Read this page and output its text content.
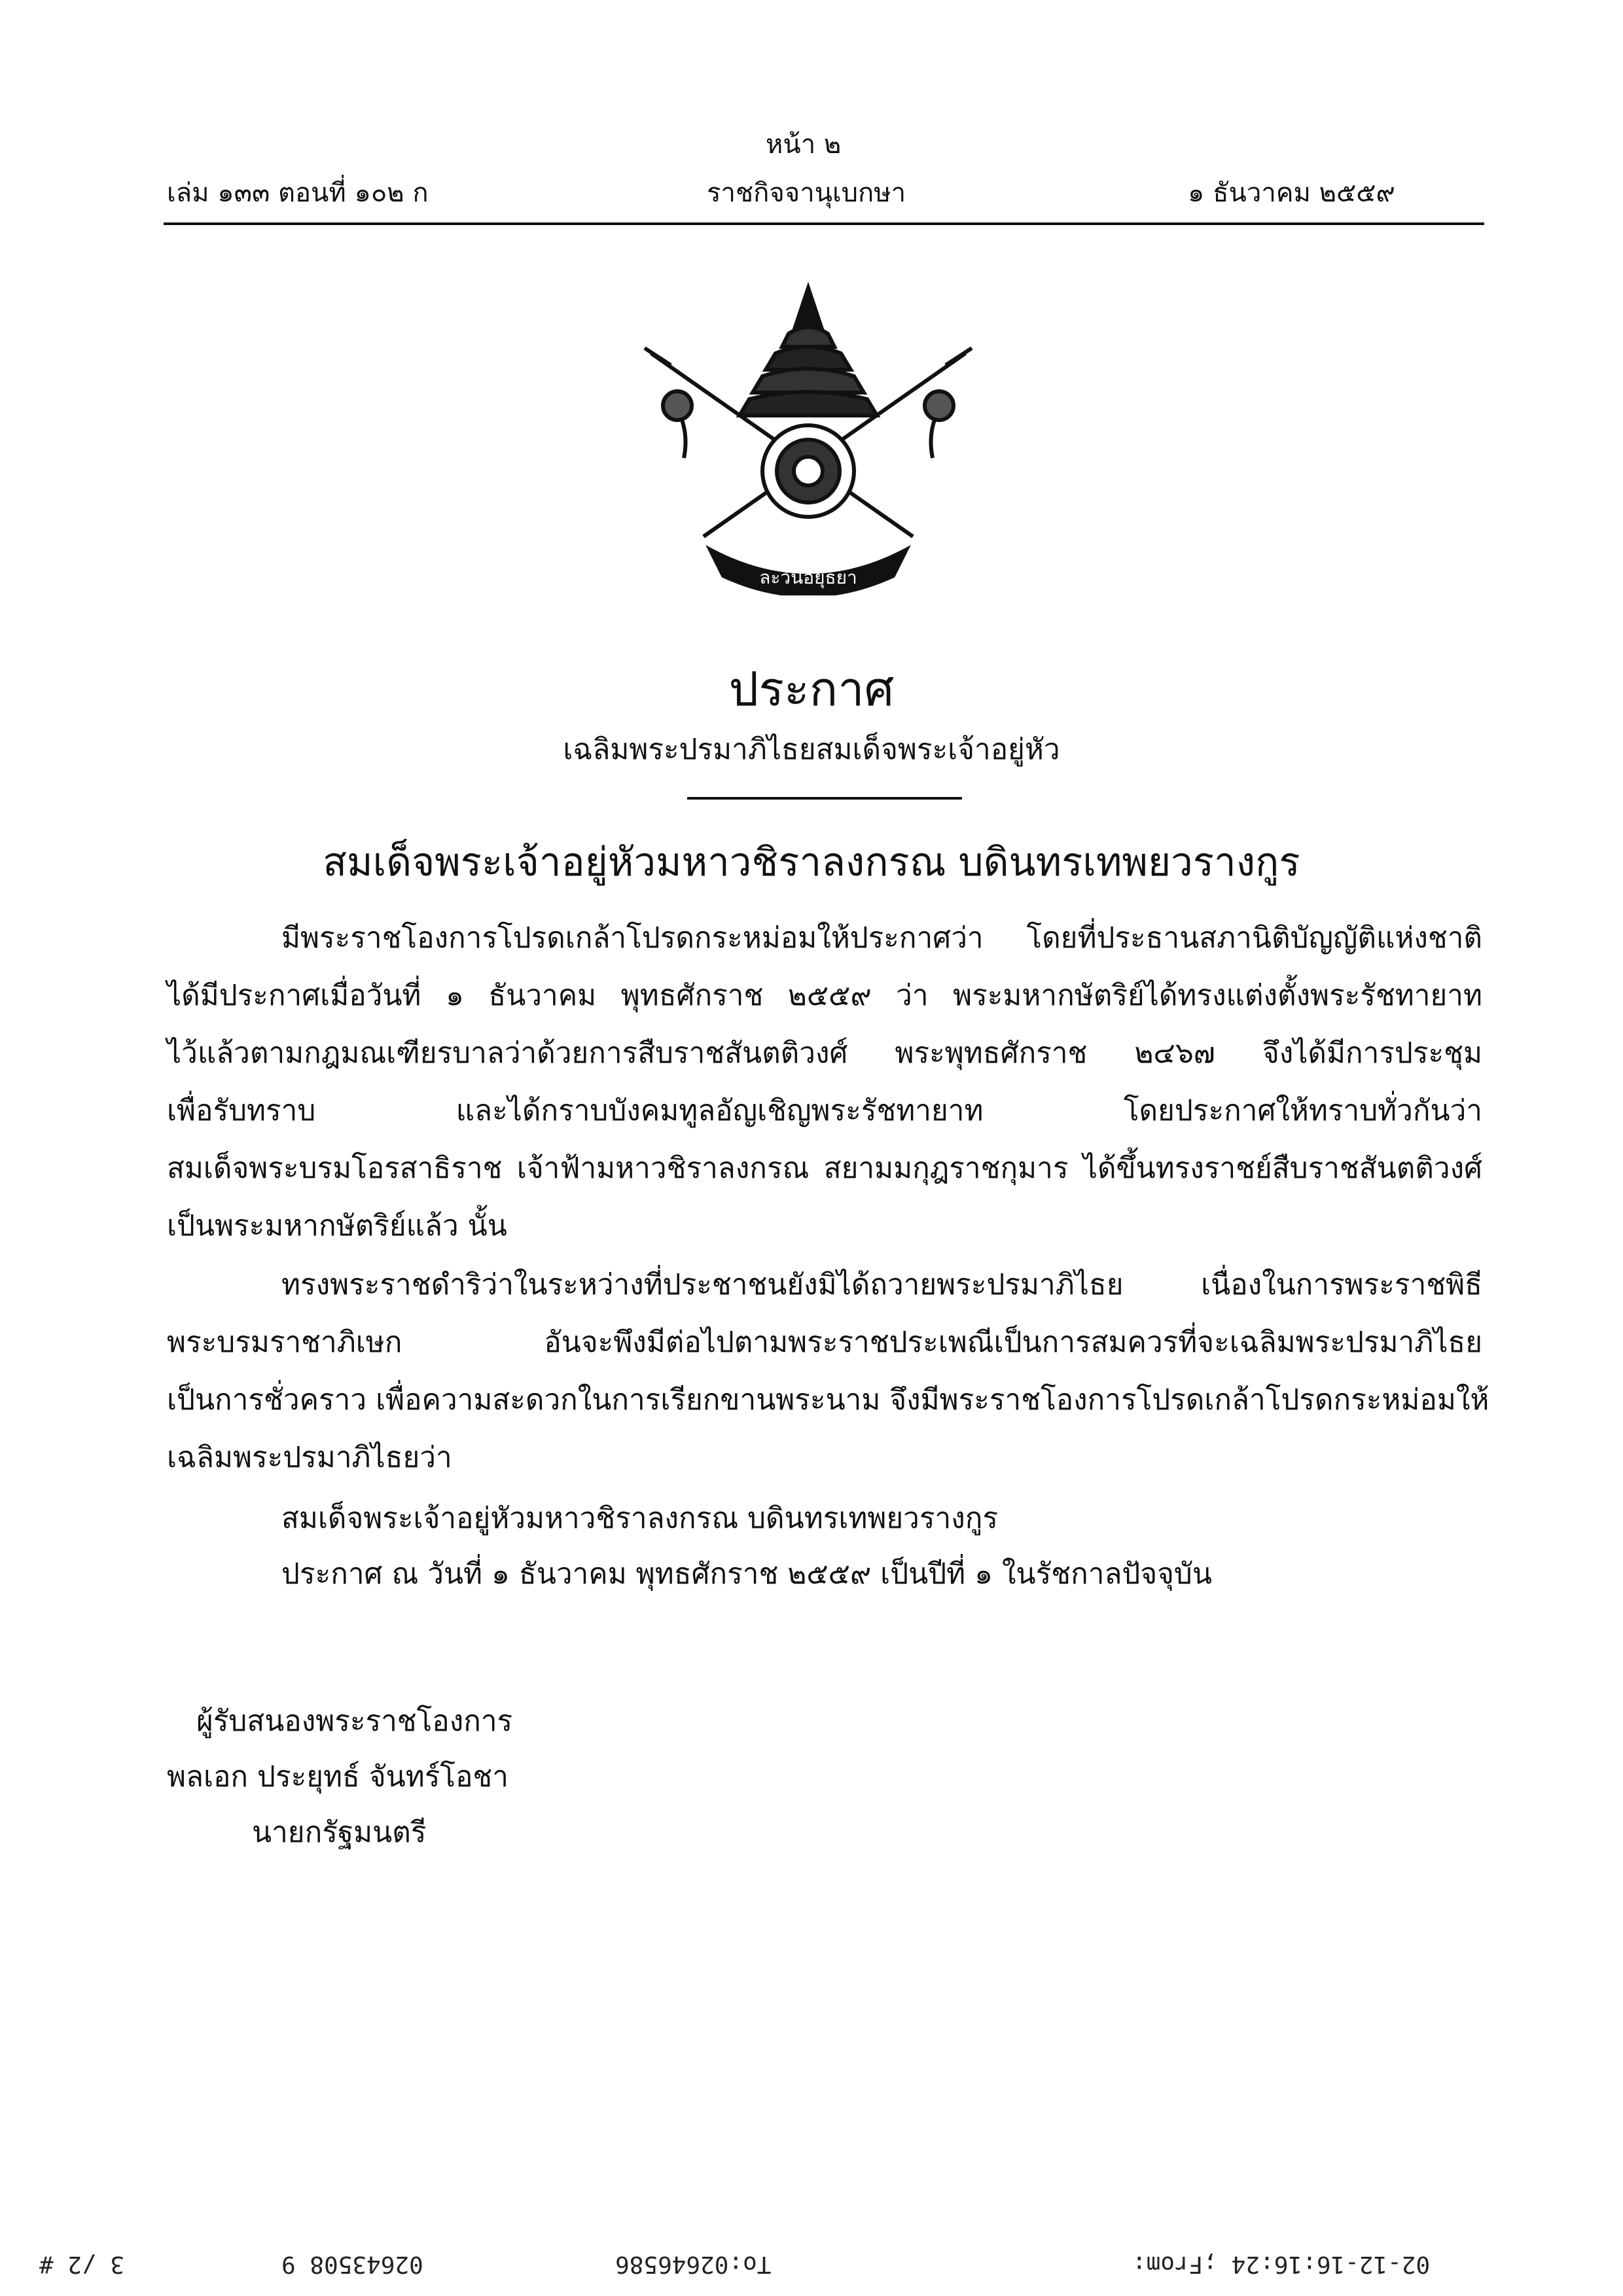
หน้า ๒
เล่ม ๑๓๓ ตอนที่ ๑๐๒ ก	ราชกิจจานุเบกษา	๑ ธันวาคม ๒๕๕๙
ละวันอยุธยา
ประกาศ
เฉลิมพระปรมาภิไธยสมเด็จพระเจ้าอยู่หัว
สมเด็จพระเจ้าอยู่หัวมหาวชิราลงกรณ บดินทรเทพยวรางกูร
มีพระราชโองการโปรดเกล้าโปรดกระหม่อมให้ประกาศว่า โดยที่ประธานสภานิติบัญญัติแห่งชาติ
ได้มีประกาศเมื่อวันที่ ๑ ธันวาคม พุทธศักราช ๒๕๕๙ ว่า พระมหากษัตริย์ได้ทรงแต่งตั้งพระรัชทายาท
ไว้แล้วตามกฎมณเฑียรบาลว่าด้วยการสืบราชสันตติวงศ์ พระพุทธศักราช ๒๔๖๗ จึงได้มีการประชุม
เพื่อรับทราบ และได้กราบบังคมทูลอัญเชิญพระรัชทายาท โดยประกาศให้ทราบทั่วกันว่า
สมเด็จพระบรมโอรสาธิราช เจ้าฟ้ามหาวชิราลงกรณ สยามมกุฎราชกุมาร ได้ขึ้นทรงราชย์สืบราชสันตติวงศ์
เป็นพระมหากษัตริย์แล้ว นั้น
ทรงพระราชดำริว่าในระหว่างที่ประชาชนยังมิได้ถวายพระปรมาภิไธย เนื่องในการพระราชพิธี
พระบรมราชาภิเษก อันจะพึงมีต่อไปตามพระราชประเพณีเป็นการสมควรที่จะเฉลิมพระปรมาภิไธย
เป็นการชั่วคราว เพื่อความสะดวกในการเรียกขานพระนาม จึงมีพระราชโองการโปรดเกล้าโปรดกระหม่อมให้
เฉลิมพระปรมาภิไธยว่า
สมเด็จพระเจ้าอยู่หัวมหาวชิราลงกรณ บดินทรเทพยวรางกูร
ประกาศ ณ วันที่ ๑ ธันวาคม พุทธศักราช ๒๕๕๙ เป็นปีที่ ๑ ในรัชกาลปัจจุบัน
ผู้รับสนองพระราชโองการ
พลเอก ประยุทธ์ จันทร์โอชา
นายกรัฐมนตรี
3 /2 #	02643508 9	To:02646586	02-12-16:16:24 ;From:
